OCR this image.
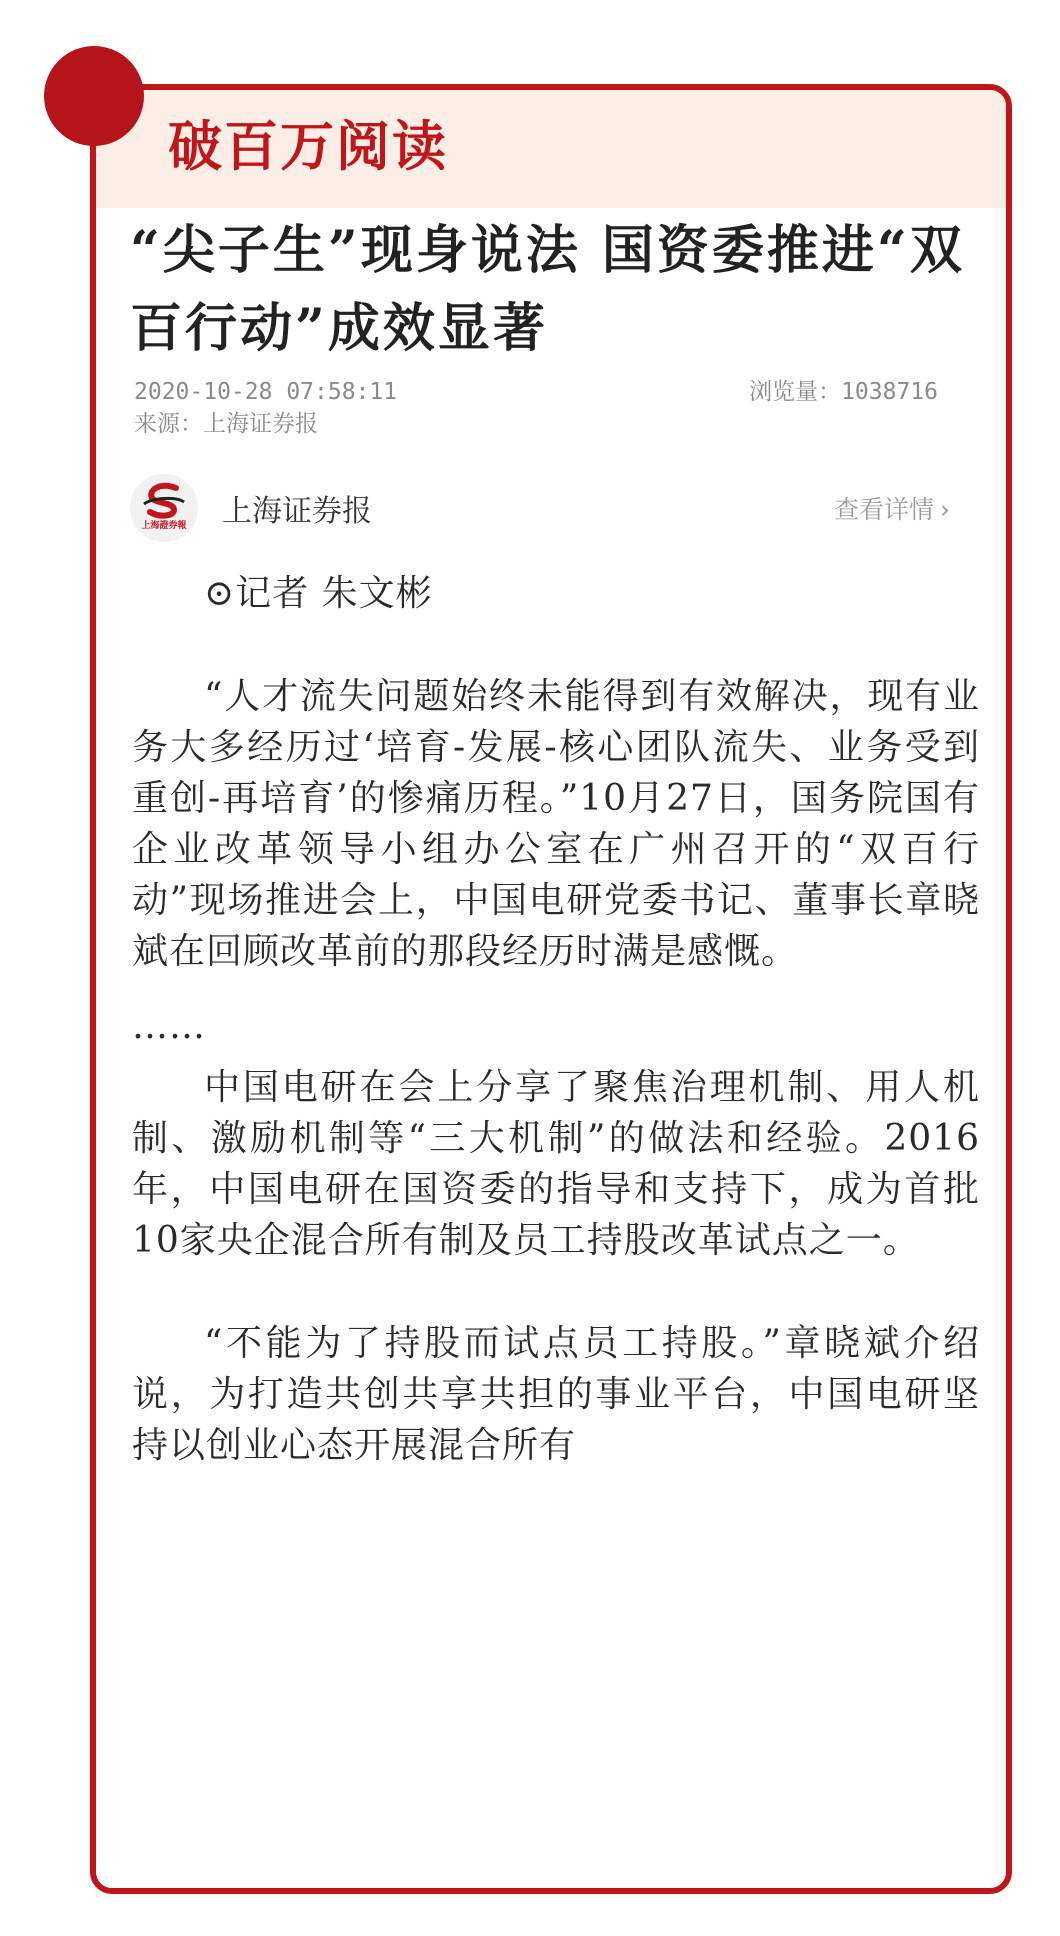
破百万阅读
“尖子生”现身说法 国资委推进“双百行动”成效显著
2020-10-28 07:58:11	浏览量：1038716
来源：上海证券报
上海證券報	上海证券报	查看详情 ›

⊙记者 朱文彬

“人才流失问题始终未能得到有效解决，现有业务大多经历过‘培育-发展-核心团队流失、业务受到重创-再培育’的惨痛历程。”10月27日，国务院国有企业改革领导小组办公室在广州召开的“双百行动”现场推进会上，中国电研党委书记、董事长章晓斌在回顾改革前的那段经历时满是感慨。

……

中国电研在会上分享了聚焦治理机制、用人机制、激励机制等“三大机制”的做法和经验。2016年，中国电研在国资委的指导和支持下，成为首批10家央企混合所有制及员工持股改革试点之一。

“不能为了持股而试点员工持股。”章晓斌介绍说，为打造共创共享共担的事业平台，中国电研坚持以创业心态开展混合所有
